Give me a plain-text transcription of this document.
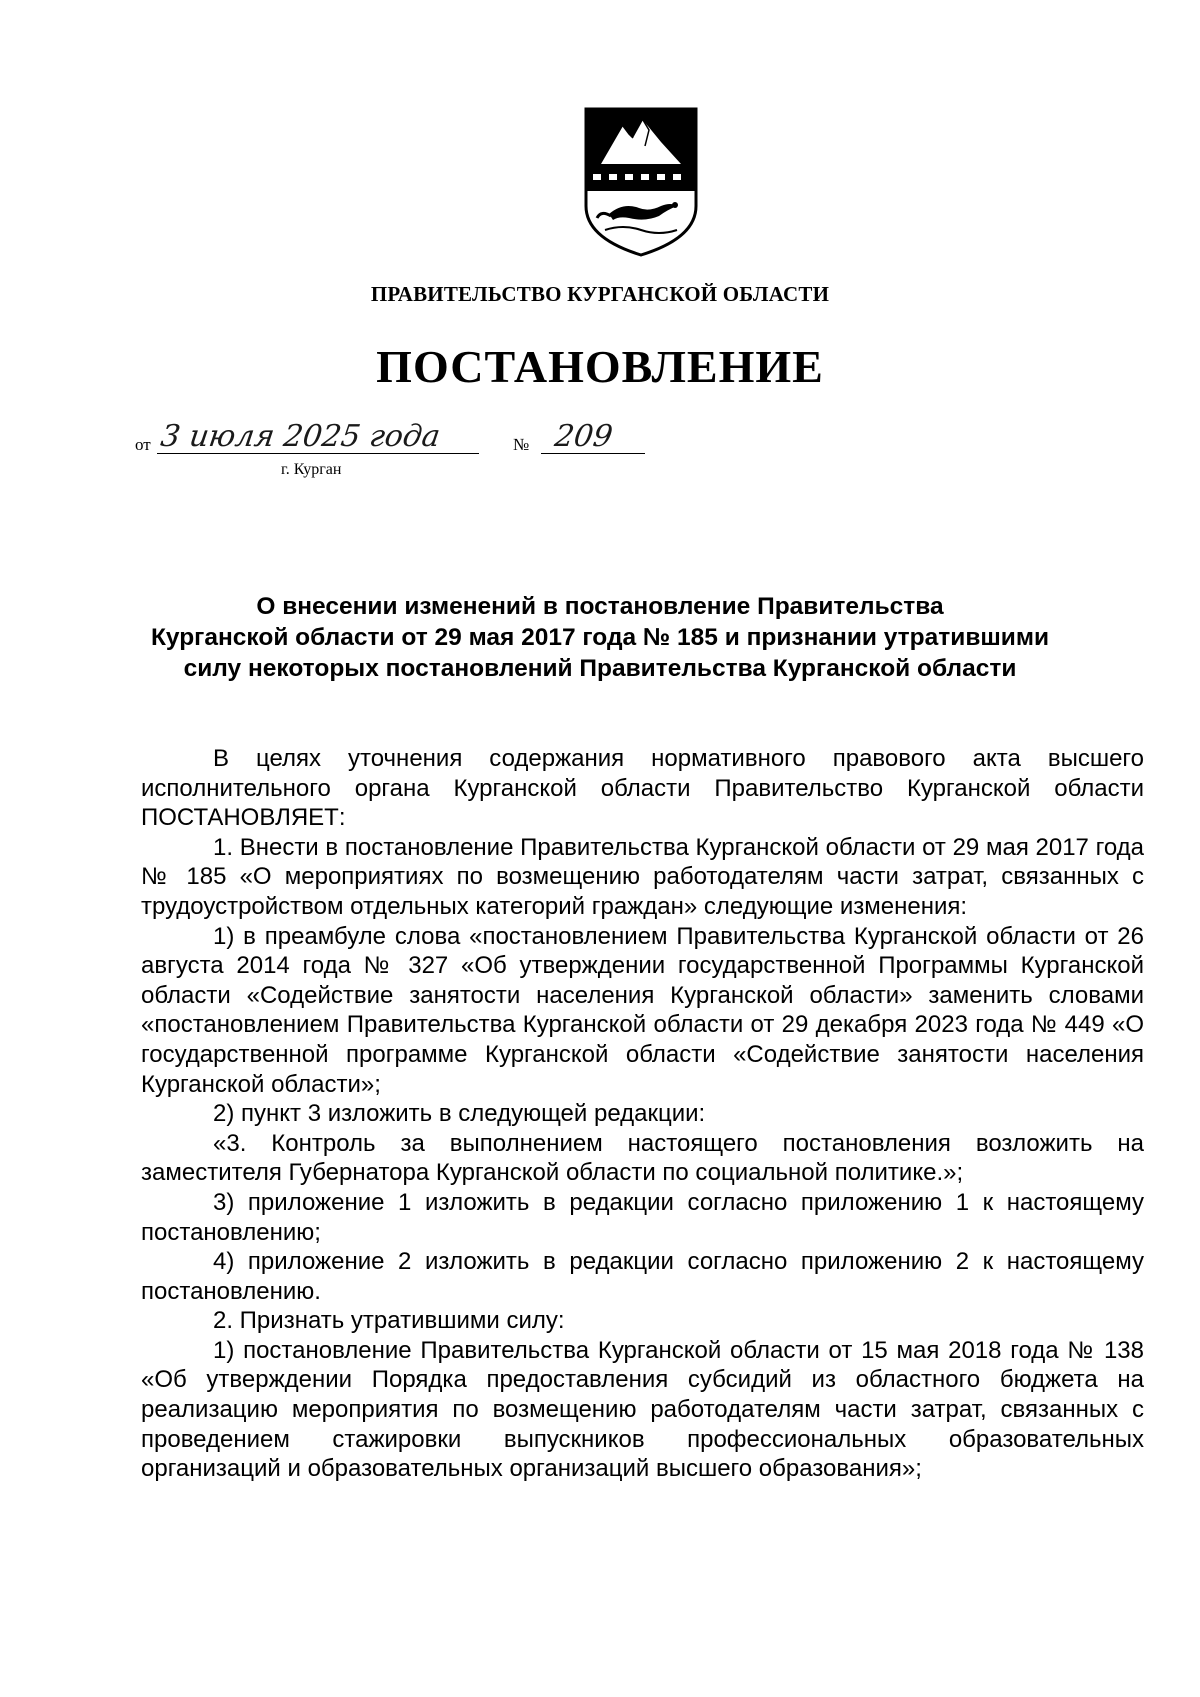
ПРАВИТЕЛЬСТВО КУРГАНСКОЙ ОБЛАСТИ
ПОСТАНОВЛЕНИЕ
от 3 июля 2025 года	№ 209
г. Курган
О внесении изменений в постановление Правительства
Курганской области от 29 мая 2017 года № 185 и признании утратившими
силу некоторых постановлений Правительства Курганской области

В целях уточнения содержания нормативного правового акта высшего исполнительного органа Курганской области Правительство Курганской области ПОСТАНОВЛЯЕТ:

1. Внести в постановление Правительства Курганской области от 29 мая 2017 года № 185 «О мероприятиях по возмещению работодателям части затрат, связанных с трудоустройством отдельных категорий граждан» следующие изменения:

1) в преамбуле слова «постановлением Правительства Курганской области от 26 августа 2014 года № 327 «Об утверждении государственной Программы Курганской области «Содействие занятости населения Курганской области» заменить словами «постановлением Правительства Курганской области от 29 декабря 2023 года № 449 «О государственной программе Курганской области «Содействие занятости населения Курганской области»;

2) пункт 3 изложить в следующей редакции:

«3. Контроль за выполнением настоящего постановления возложить на заместителя Губернатора Курганской области по социальной политике.»;

3) приложение 1 изложить в редакции согласно приложению 1 к настоящему постановлению;

4) приложение 2 изложить в редакции согласно приложению 2 к настоящему постановлению.

2. Признать утратившими силу:

1) постановление Правительства Курганской области от 15 мая 2018 года № 138 «Об утверждении Порядка предоставления субсидий из областного бюджета на реализацию мероприятия по возмещению работодателям части затрат, связанных с проведением стажировки выпускников профессиональных образовательных организаций и образовательных организаций высшего образования»;
